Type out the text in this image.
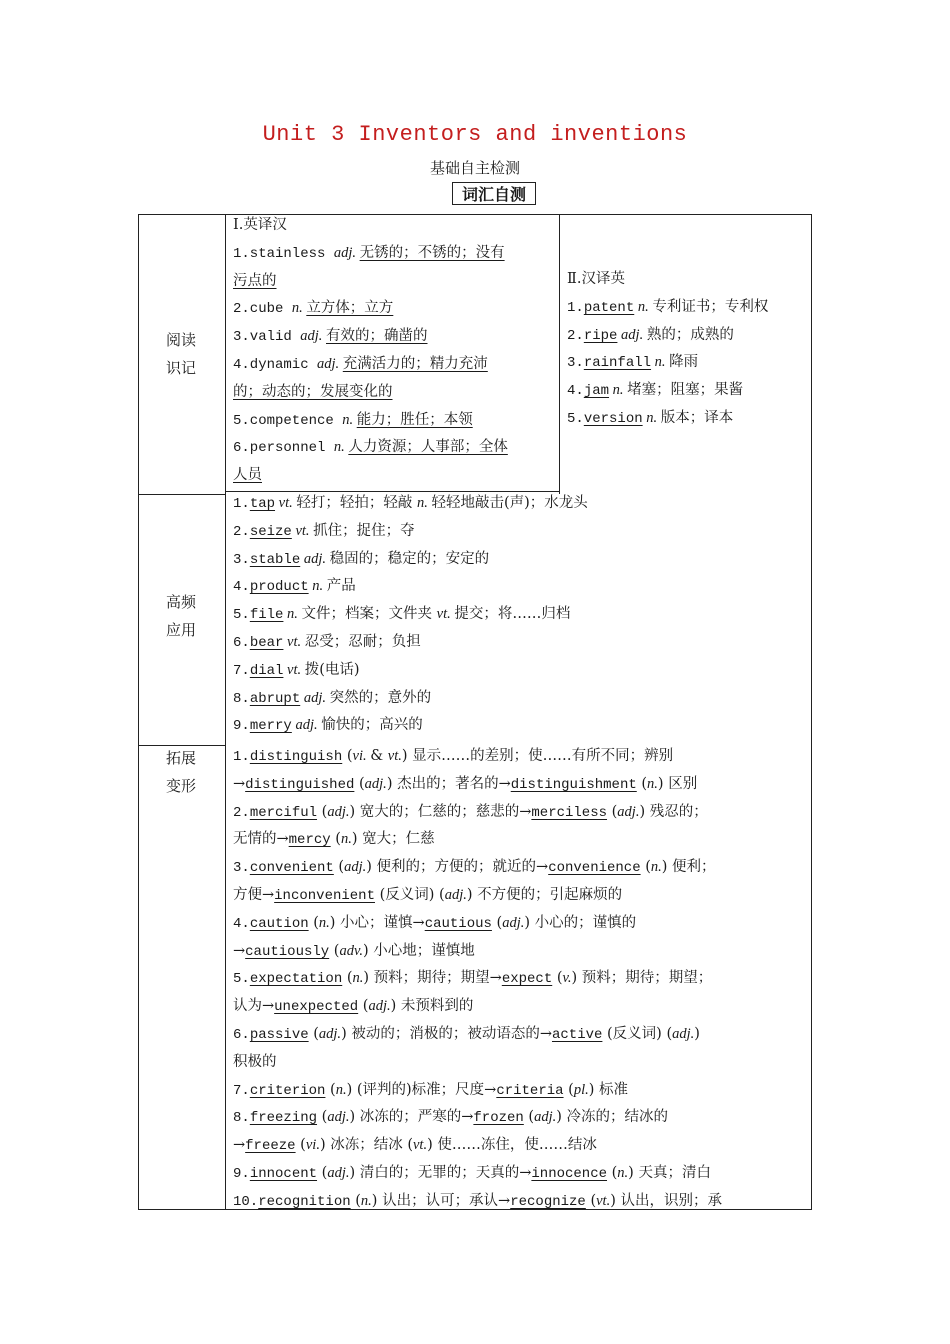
Unit 3 Inventors and inventions
基础自主检测
词汇自测
阅读
识记
高频
应用
拓展
变形
Ⅰ.英译汉
1.stainless adj. 无锈的；不锈的；没有
污点的
2.cube n. 立方体；立方
3.valid adj. 有效的；确凿的
4.dynamic adj. 充满活力的；精力充沛
的；动态的；发展变化的
5.competence n. 能力；胜任；本领
6.personnel n. 人力资源；人事部；全体
人员
Ⅱ.汉译英
1.patent n. 专利证书；专利权
2.ripe adj. 熟的；成熟的
3.rainfall n. 降雨
4.jam n. 堵塞；阻塞；果酱
5.version n. 版本；译本
1.tap vt. 轻打；轻拍；轻敲 n. 轻轻地敲击(声)；水龙头
2.seize vt. 抓住；捉住；夺
3.stable adj. 稳固的；稳定的；安定的
4.product n. 产品
5.file n. 文件；档案；文件夹 vt. 提交；将……归档
6.bear vt. 忍受；忍耐；负担
7.dial vt. 拨(电话)
8.abrupt adj. 突然的；意外的
9.merry adj. 愉快的；高兴的
1.distinguish (vi. & vt.) 显示……的差别；使……有所不同；辨别
→distinguished (adj.) 杰出的；著名的→distinguishment (n.) 区别
2.merciful (adj.) 宽大的；仁慈的；慈悲的→merciless (adj.) 残忍的；
无情的→mercy (n.) 宽大；仁慈
3.convenient (adj.) 便利的；方便的；就近的→convenience (n.) 便利；
方便→inconvenient (反义词) (adj.) 不方便的；引起麻烦的
4.caution (n.) 小心；谨慎→cautious (adj.) 小心的；谨慎的
→cautiously (adv.) 小心地；谨慎地
5.expectation (n.) 预料；期待；期望→expect (v.) 预料；期待；期望；
认为→unexpected (adj.) 未预料到的
6.passive (adj.) 被动的；消极的；被动语态的→active (反义词) (adj.)
积极的
7.criterion (n.) (评判的)标准；尺度→criteria (pl.) 标准
8.freezing (adj.) 冰冻的；严寒的→frozen (adj.) 冷冻的；结冰的
→freeze (vi.) 冰冻；结冰 (vt.) 使……冻住，使……结冰
9.innocent (adj.) 清白的；无罪的；天真的→innocence (n.) 天真；清白
10.recognition (n.) 认出；认可；承认→recognize (vt.) 认出，识别；承
